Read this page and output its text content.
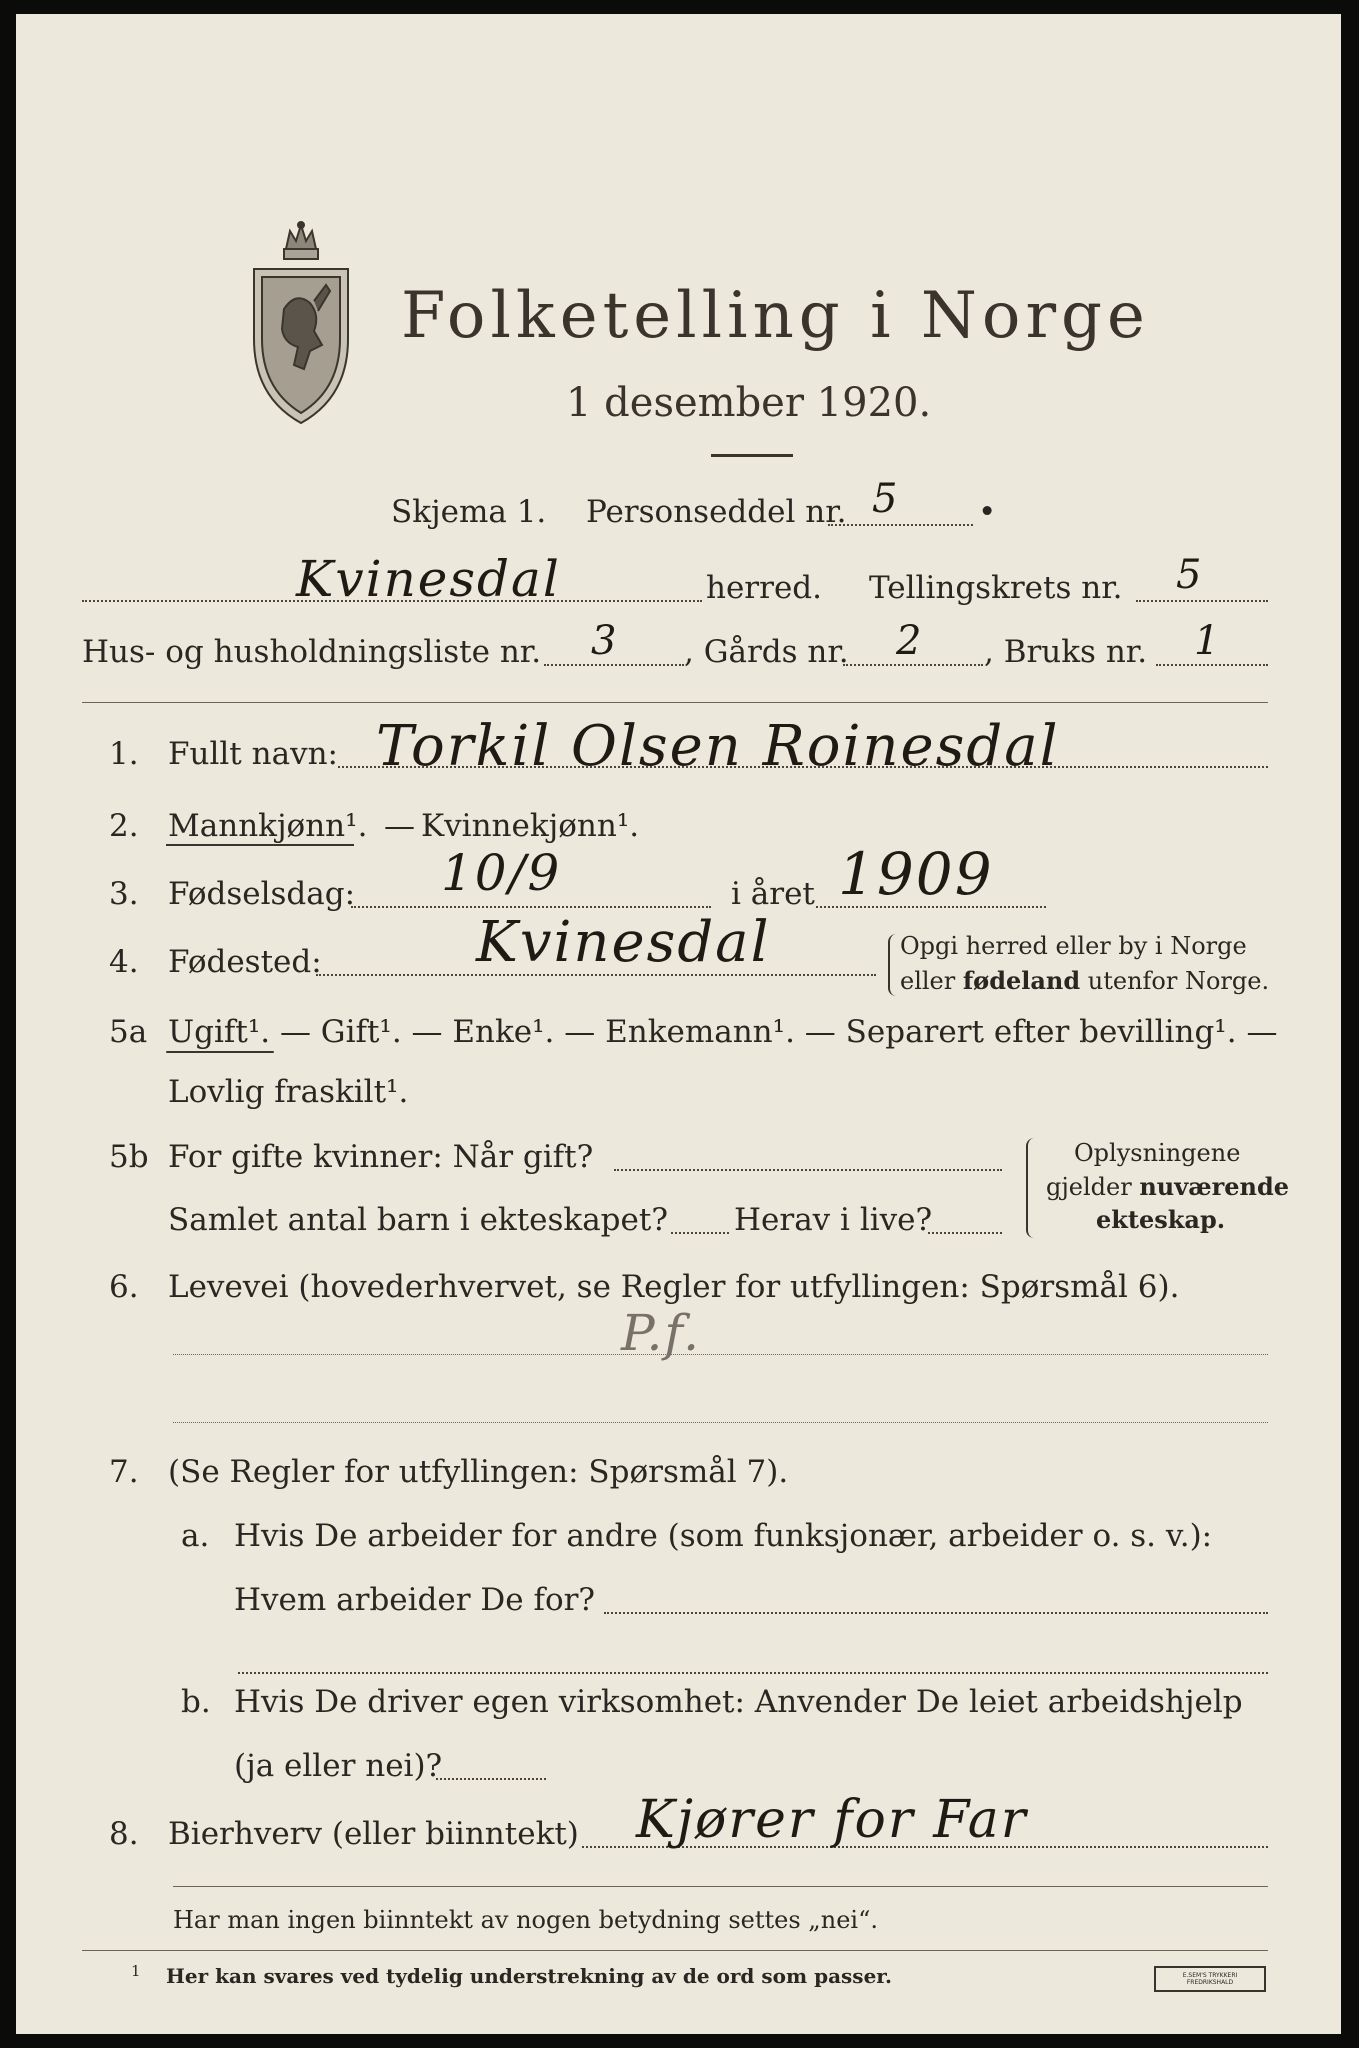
Folketelling i Norge
1 desember 1920.
Skjema 1. Personseddel nr. 5	•
Kvinesdal	herred. Tellingskrets nr. 5
Hus- og husholdningsliste nr. 3 , Gårds nr. 2 , Bruks nr. 1
1. Fullt navn: Torkil Olsen Roinesdal
2. Mannkjønn¹. — Kvinnekjønn¹.
3. Fødselsdag: 10/9	i året 1909
4. Fødested:	Kvinesdal	Opgi herred eller by i Norge
eller fødeland utenfor Norge.
5a Ugift¹. — Gift¹. — Enke¹. — Enkemann¹. — Separert efter bevilling¹. —
Lovlig fraskilt¹.
5b For gifte kvinner: Når gift?
Samlet antal barn i ekteskapet? Herav i live?
Oplysningene
gjelder nuværende
ekteskap.
6. Levevei (hovederhvervet, se Regler for utfyllingen: Spørsmål 6).
P.f.
7. (Se Regler for utfyllingen: Spørsmål 7).
a. Hvis De arbeider for andre (som funksjonær, arbeider o. s. v.):
Hvem arbeider De for?
b. Hvis De driver egen virksomhet: Anvender De leiet arbeidshjelp
(ja eller nei)?
8. Bierhverv (eller biinntekt) Kjører for Far
Har man ingen biinntekt av nogen betydning settes „nei“.
1 Her kan svares ved tydelig understrekning av de ord som passer.	E.SEM'S TRYKKERI FREDRIKSHALD
